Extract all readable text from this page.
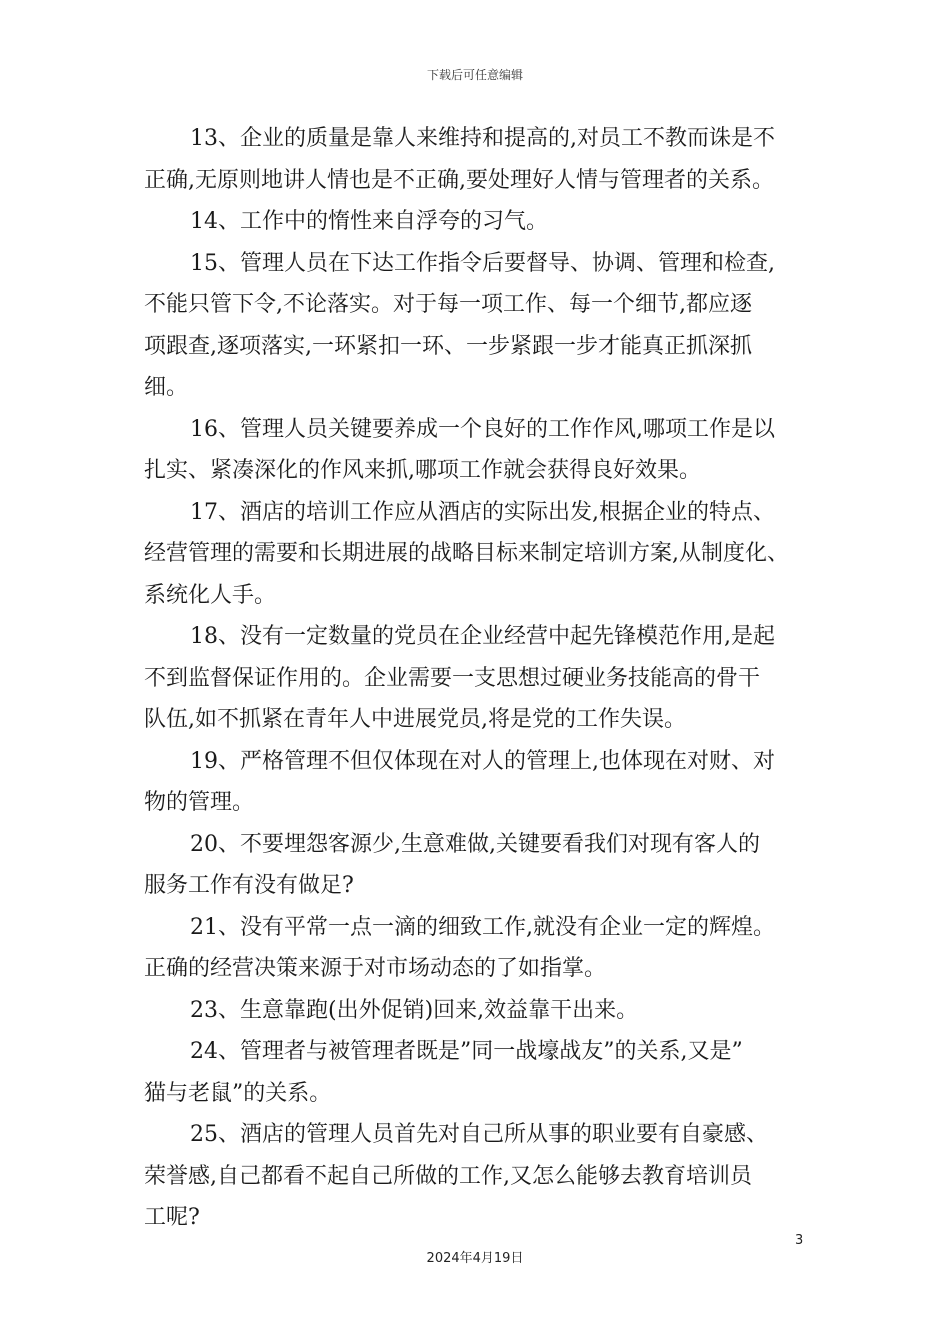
下载后可任意编辑
13、企业的质量是靠人来维持和提高的,对员工不教而诛是不
正确,无原则地讲人情也是不正确,要处理好人情与管理者的关系。
14、工作中的惰性来自浮夸的习气。
15、管理人员在下达工作指令后要督导、协调、管理和检查,
不能只管下令,不论落实。对于每一项工作、每一个细节,都应逐
项跟查,逐项落实,一环紧扣一环、一步紧跟一步才能真正抓深抓
细。
16、管理人员关键要养成一个良好的工作作风,哪项工作是以
扎实、紧凑深化的作风来抓,哪项工作就会获得良好效果。
17、酒店的培训工作应从酒店的实际出发,根据企业的特点、
经营管理的需要和长期进展的战略目标来制定培训方案,从制度化、
系统化人手。
18、没有一定数量的党员在企业经营中起先锋模范作用,是起
不到监督保证作用的。企业需要一支思想过硬业务技能高的骨干
队伍,如不抓紧在青年人中进展党员,将是党的工作失误。
19、严格管理不但仅体现在对人的管理上,也体现在对财、对
物的管理。
20、不要埋怨客源少,生意难做,关键要看我们对现有客人的
服务工作有没有做足?
21、没有平常一点一滴的细致工作,就没有企业一定的辉煌。
正确的经营决策来源于对市场动态的了如指掌。
23、生意靠跑(出外促销)回来,效益靠干出来。
24、管理者与被管理者既是”同一战壕战友”的关系,又是”
猫与老鼠”的关系。
25、酒店的管理人员首先对自己所从事的职业要有自豪感、
荣誉感,自己都看不起自己所做的工作,又怎么能够去教育培训员
工呢?
3
2024年4月19日
